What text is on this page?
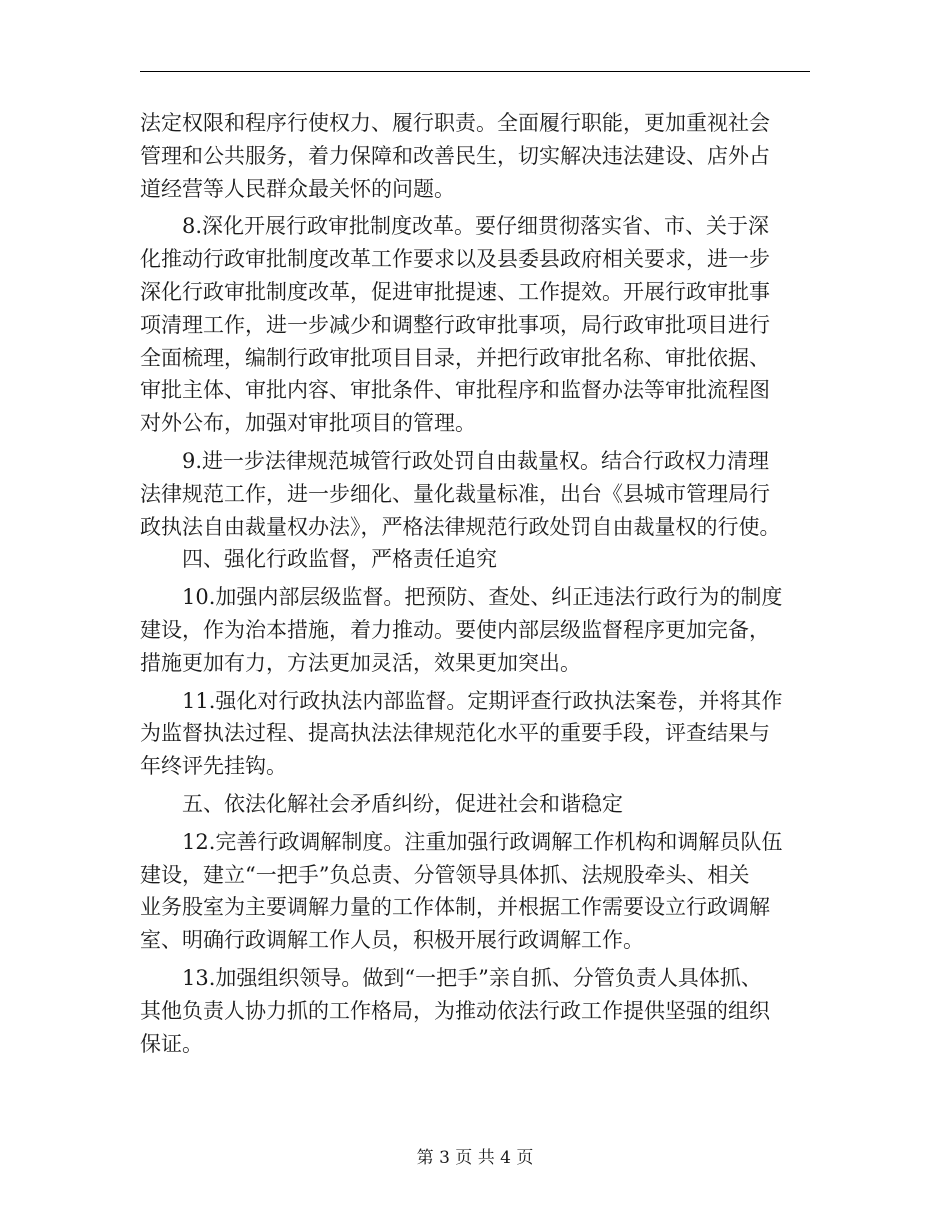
法定权限和程序行使权力、履行职责。全面履行职能，更加重视社会
管理和公共服务，着力保障和改善民生，切实解决违法建设、店外占
道经营等人民群众最关怀的问题。
8.深化开展行政审批制度改革。要仔细贯彻落实省、市、关于深
化推动行政审批制度改革工作要求以及县委县政府相关要求，进一步
深化行政审批制度改革，促进审批提速、工作提效。开展行政审批事
项清理工作，进一步减少和调整行政审批事项，局行政审批项目进行
全面梳理，编制行政审批项目目录，并把行政审批名称、审批依据、
审批主体、审批内容、审批条件、审批程序和监督办法等审批流程图
对外公布，加强对审批项目的管理。
9.进一步法律规范城管行政处罚自由裁量权。结合行政权力清理
法律规范工作，进一步细化、量化裁量标准，出台《县城市管理局行
政执法自由裁量权办法》，严格法律规范行政处罚自由裁量权的行使。
四、强化行政监督，严格责任追究
10.加强内部层级监督。把预防、查处、纠正违法行政行为的制度
建设，作为治本措施，着力推动。要使内部层级监督程序更加完备，
措施更加有力，方法更加灵活，效果更加突出。
11.强化对行政执法内部监督。定期评查行政执法案卷，并将其作
为监督执法过程、提高执法法律规范化水平的重要手段，评查结果与
年终评先挂钩。
五、依法化解社会矛盾纠纷，促进社会和谐稳定
12.完善行政调解制度。注重加强行政调解工作机构和调解员队伍
建设，建立“一把手”负总责、分管领导具体抓、法规股牵头、相关
业务股室为主要调解力量的工作体制，并根据工作需要设立行政调解
室、明确行政调解工作人员，积极开展行政调解工作。
13.加强组织领导。做到“一把手”亲自抓、分管负责人具体抓、
其他负责人协力抓的工作格局，为推动依法行政工作提供坚强的组织
保证。
第 3 页 共 4 页
